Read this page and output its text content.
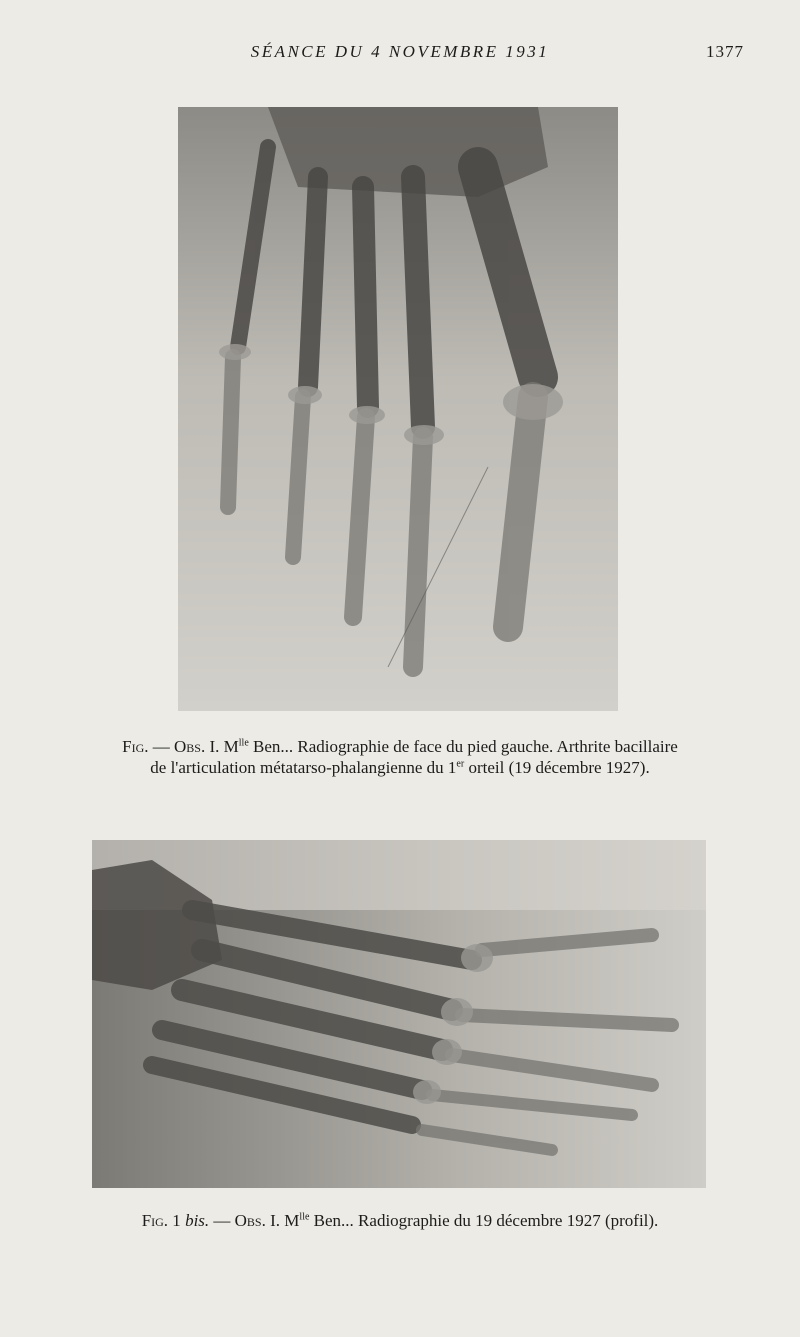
SÉANCE DU 4 NOVEMBRE 1931	1377
Fig. — Obs. I. $M^{lle}$ Ben... Radiographie de face du pied gauche. Arthrite bacillaire
de l'articulation métatarso-phalangienne du 1er orteil (19 décembre 1927).
Fig. 1 bis. — Obs. I. $M^{lle}$ Ben... Radiographie du 19 décembre 1927 (profil).
